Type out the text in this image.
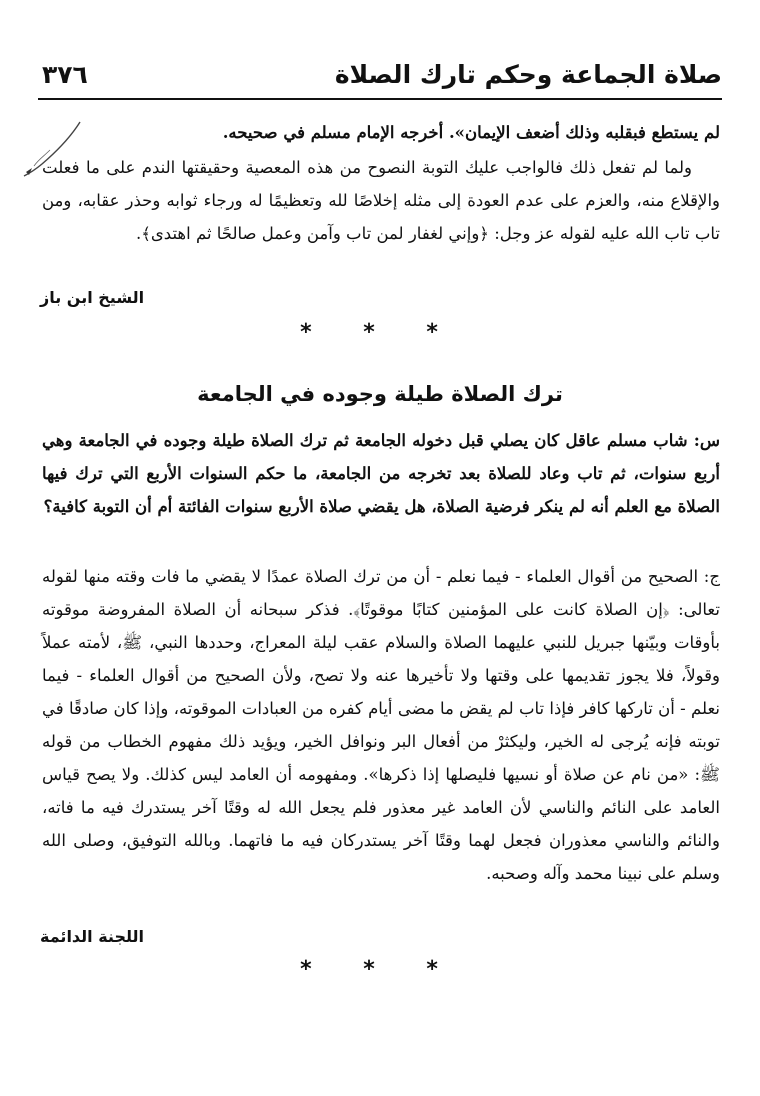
صلاة الجماعة وحكم تارك الصلاة
٣٧٦
لم يستطع فبقلبه وذلك أضعف الإيمان». أخرجه الإمام مسلم في صحيحه.
ولما لم تفعل ذلك فالواجب عليك التوبة النصوح من هذه المعصية وحقيقتها الندم على ما فعلت والإقلاع منه، والعزم على عدم العودة إلى مثله إخلاصًا لله وتعظيمًا له ورجاء ثوابه وحذر عقابه، ومن تاب تاب الله عليه لقوله عز وجل: ﴿وإني لغفار لمن تاب وآمن وعمل صالحًا ثم اهتدى﴾.
الشيخ ابن باز
* * *
ترك الصلاة طيلة وجوده في الجامعة
س: شاب مسلم عاقل كان يصلي قبل دخوله الجامعة ثم ترك الصلاة طيلة وجوده في الجامعة وهي أربع سنوات، ثم تاب وعاد للصلاة بعد تخرجه من الجامعة، ما حكم السنوات الأربع التي ترك فيها الصلاة مع العلم أنه لم ينكر فرضية الصلاة، هل يقضي صلاة الأربع سنوات الفائتة أم أن التوبة كافية؟
ج: الصحيح من أقوال العلماء - فيما نعلم - أن من ترك الصلاة عمدًا لا يقضي ما فات وقته منها لقوله تعالى: ﴿إن الصلاة كانت على المؤمنين كتابًا موقوتًا﴾. فذكر سبحانه أن الصلاة المفروضة موقوته بأوقات وبيّنها جبريل للنبي عليهما الصلاة والسلام عقب ليلة المعراج، وحددها النبي، ﷺ، لأمته عملاً وقولاً، فلا يجوز تقديمها على وقتها ولا تأخيرها عنه ولا تصح، ولأن الصحيح من أقوال العلماء - فيما نعلم - أن تاركها كافر فإذا تاب لم يقض ما مضى أيام كفره من العبادات الموقوته، وإذا كان صادقًا في توبته فإنه يُرجى له الخير، وليكثرْ من أفعال البر ونوافل الخير، ويؤيد ذلك مفهوم الخطاب من قوله ﷺ: «من نام عن صلاة أو نسيها فليصلها إذا ذكرها». ومفهومه أن العامد ليس كذلك. ولا يصح قياس العامد على النائم والناسي لأن العامد غير معذور فلم يجعل الله له وقتًا آخر يستدرك فيه ما فاته، والنائم والناسي معذوران فجعل لهما وقتًا آخر يستدركان فيه ما فاتهما. وبالله التوفيق، وصلى الله وسلم على نبينا محمد وآله وصحبه.
اللجنة الدائمة
* * *
